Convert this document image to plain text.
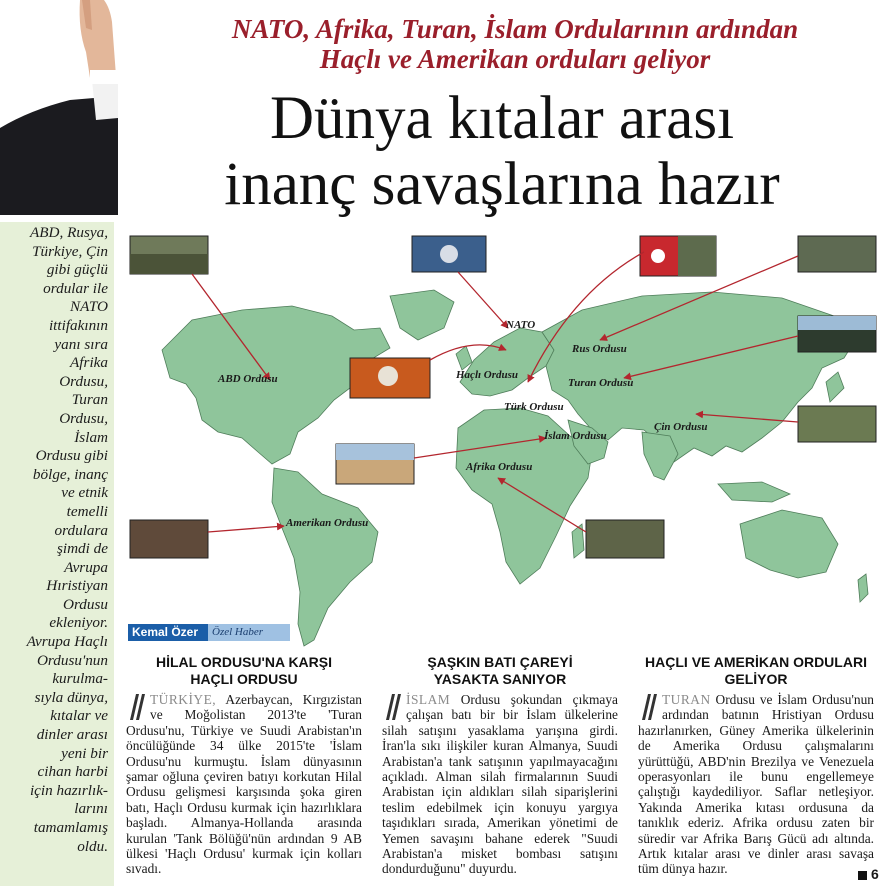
ABD, Rusya,
Türkiye, Çin
gibi güçlü
ordular ile
NATO
ittifakının
yanı sıra
Afrika
Ordusu,
Turan
Ordusu,
İslam
Ordusu gibi
bölge, inanç
ve etnik
temelli
ordulara
şimdi de
Avrupa
Hıristiyan
Ordusu
ekleniyor.
Avrupa Haçlı
Ordusu'nun
kurulma-
sıyla dünya,
kıtalar ve
dinler arası
yeni bir
cihan harbi
için hazırlık-
larını
tamamlamış
oldu.

NATO, Afrika, Turan, İslam Ordularının ardından
Haçlı ve Amerikan orduları geliyor
Dünya kıtalar arası
inanç savaşlarına hazır
NATO
ABD Ordusu	Haçlı Ordusu
Rus Ordusu
Turan Ordusu
Türk Ordusu
İslam Ordusu
Çin Ordusu
Afrika Ordusu
Amerikan Ordusu
Kemal Özer	Özel Haber
HİLAL ORDUSU'NA KARŞI
HAÇLI ORDUSU
TÜRKİYE, Azerbaycan, Kırgızistan ve Moğolistan 2013'te 'Turan Ordusu'nu, Türkiye ve Suudi Arabistan'ın öncülüğünde 34 ülke 2015'te 'İslam Ordusu'nu kurmuştu. İslam dünyasının şamar oğluna çeviren batıyı korkutan Hilal Ordusu gelişmesi karşısında şoka giren batı, Haçlı Ordusu kurmak için hazırlıklara başladı. Almanya-Hollanda arasında kurulan 'Tank Bölüğü'nün ardından 9 AB ülkesi 'Haçlı Ordusu' kurmak için kolları sıvadı.
ŞAŞKIN BATI ÇAREYİ
YASAKTA SANIYOR
İSLAM Ordusu şokundan çıkmaya çalışan batı bir bir İslam ülkelerine silah satışını yasaklama yarışına girdi. İran'la sıkı ilişkiler kuran Almanya, Suudi Arabistan'a tank satışının yapılmayacağını açıkladı. Alman silah firmalarının Suudi Arabistan için aldıkları silah siparişlerini teslim edebilmek için konuyu yargıya taşıdıkları sırada, Amerikan yönetimi de Yemen savaşını bahane ederek "Suudi Arabistan'a misket bombası satışını dondurduğunu" duyurdu.
HAÇLI VE AMERİKAN ORDULARI
GELİYOR
TURAN Ordusu ve İslam Ordusu'nun ardından batının Hristiyan Ordusu hazırlanırken, Güney Amerika ülkelerinin de Amerika Ordusu çalışmalarını yürüttüğü, ABD'nin Brezilya ve Venezuela operasyonları ile bunu engellemeye çalıştığı kaydediliyor. Saflar netleşiyor. Yakında Amerika kıtası ordusuna da tanıklık ederiz. Afrika ordusu zaten bir süredir var Afrika Barış Gücü adı altında. Artık kıtalar arası ve dinler arası savaşa tüm dünya hazır.	6
